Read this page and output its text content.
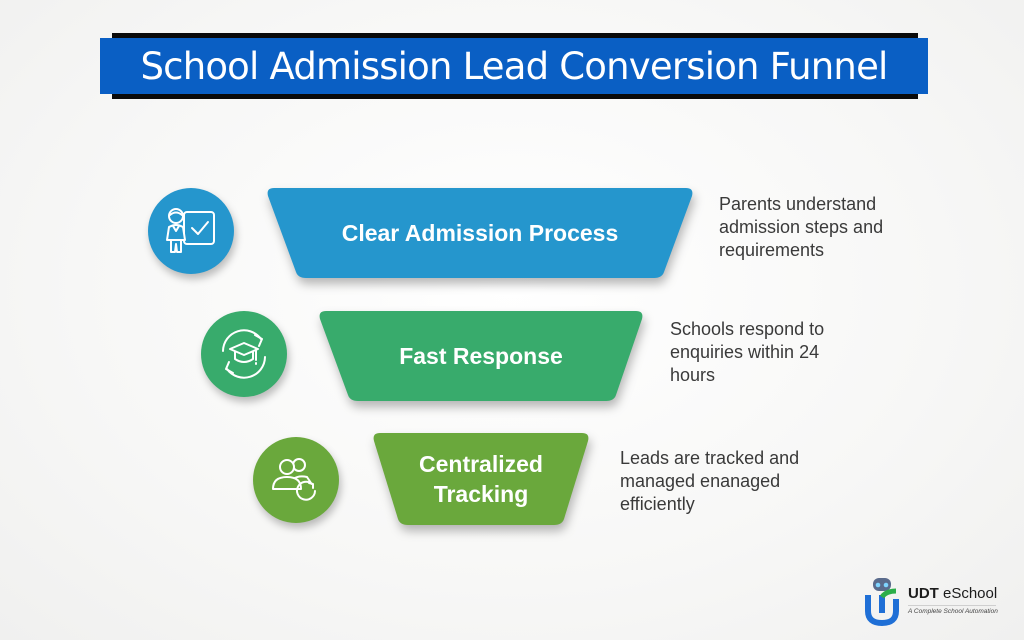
School Admission Lead Conversion Funnel
Clear Admission Process
Parents understand admission steps and requirements
Fast Response
Schools respond to enquiries within 24 hours
Centralized
Tracking
Leads are tracked and managed enanaged efficiently
UDT eSchool
A Complete School Automation
